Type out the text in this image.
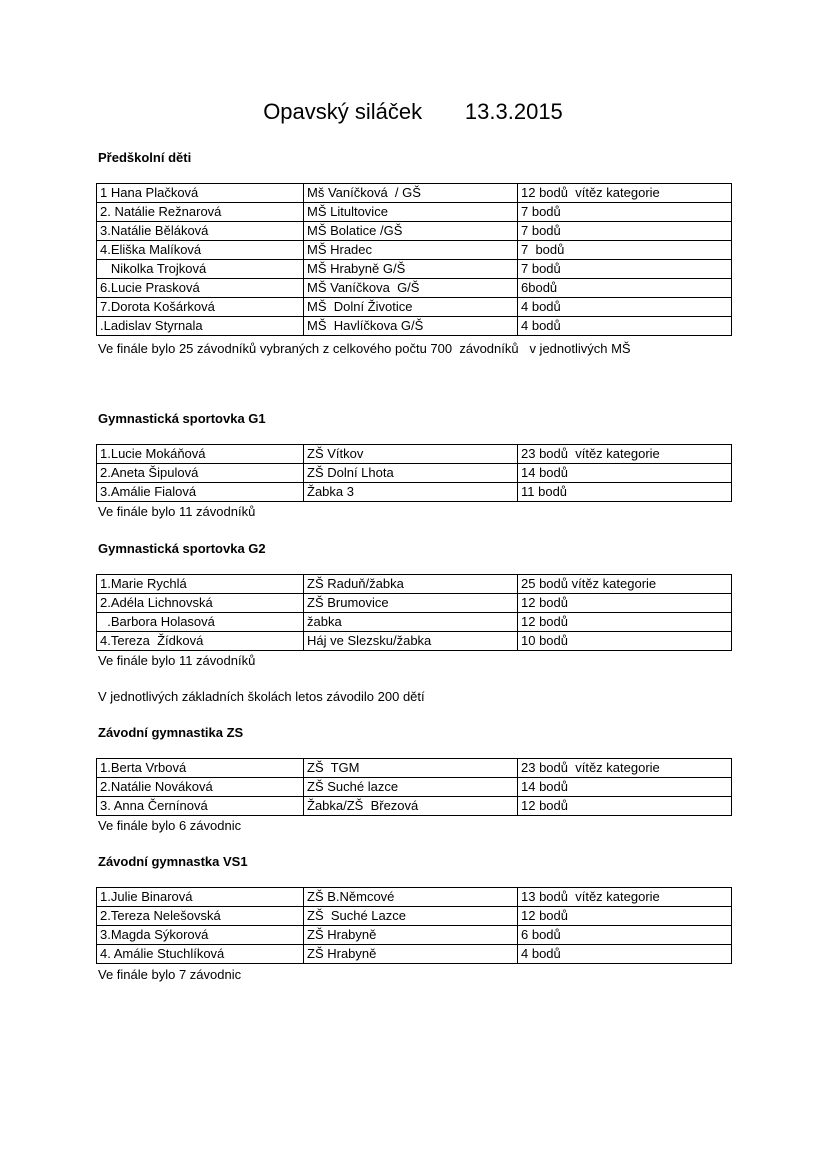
Opavský siláček       13.3.2015
Předškolní děti
1 Hana Plačková	Mš Vaníčková  / GŠ	12 bodů  vítěz kategorie
2. Natálie Režnarová	MŠ Litultovice	7 bodů
3.Natálie Běláková	MŠ Bolatice /GŠ	7 bodů
4.Eliška Malíková	MŠ Hradec	7  bodů
Nikolka Trojková	MŠ Hrabyně G/Š	7 bodů
6.Lucie Prasková	MŠ Vaníčkova  G/Š	6bodů
7.Dorota Košárková	MŠ  Dolní Životice	4 bodů
.Ladislav Styrnala	MŠ  Havlíčkova G/Š	4 bodů
Ve finále bylo 25 závodníků vybraných z celkového počtu 700  závodníků   v jednotlivých MŠ
Gymnastická sportovka G1
1.Lucie Mokáňová	ZŠ Vítkov	23 bodů  vítěz kategorie
2.Aneta Šipulová	ZŠ Dolní Lhota	14 bodů
3.Amálie Fialová	Žabka 3	11 bodů
Ve finále bylo 11 závodníků
Gymnastická sportovka G2
1.Marie Rychlá	ZŠ Raduň/žabka	25 bodů vítěz kategorie
2.Adéla Lichnovská	ZŠ Brumovice	12 bodů
.Barbora Holasová	žabka	12 bodů
4.Tereza  Žídková	Háj ve Slezsku/žabka	10 bodů
Ve finále bylo 11 závodníků
V jednotlivých základních školách letos závodilo 200 dětí
Závodní gymnastika ZS
1.Berta Vrbová	ZŠ  TGM	23 bodů  vítěz kategorie
2.Natálie Nováková	ZŠ Suché lazce	14 bodů
3. Anna Černínová	Žabka/ZŠ  Březová	12 bodů
Ve finále bylo 6 závodnic
Závodní gymnastka VS1
1.Julie Binarová	ZŠ B.Němcové	13 bodů  vítěz kategorie
2.Tereza Nelešovská	ZŠ  Suché Lazce	12 bodů
3.Magda Sýkorová	ZŠ Hrabyně	6 bodů
4. Amálie Stuchlíková	ZŠ Hrabyně	4 bodů
Ve finále bylo 7 závodnic
